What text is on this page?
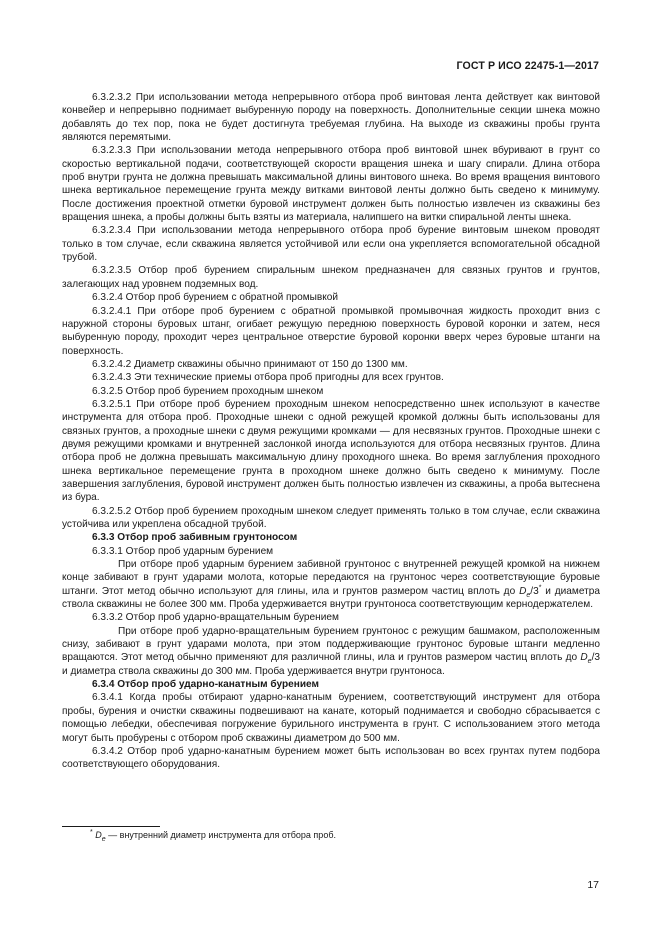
ГОСТ Р ИСО 22475-1—2017

6.3.2.3.2 При использовании метода непрерывного отбора проб винтовая лента действует как винтовой конвейер и непрерывно поднимает выбуренную породу на поверхность. Дополнительные секции шнека можно добавлять до тех пор, пока не будет достигнута требуемая глубина. На выходе из скважины пробы грунта являются перемятыми.

6.3.2.3.3 При использовании метода непрерывного отбора проб винтовой шнек вбуривают в грунт со скоростью вертикальной подачи, соответствующей скорости вращения шнека и шагу спирали. Длина отбора проб внутри грунта не должна превышать максимальной длины винтового шнека. Во время вращения винтового шнека вертикальное перемещение грунта между витками винтовой ленты должно быть сведено к минимуму. После достижения проектной отметки буровой инструмент должен быть полностью извлечен из скважины без вращения шнека, а пробы должны быть взяты из материала, налипшего на витки спиральной ленты шнека.

6.3.2.3.4 При использовании метода непрерывного отбора проб бурение винтовым шнеком проводят только в том случае, если скважина является устойчивой или если она укрепляется вспомогательной обсадной трубой.

6.3.2.3.5 Отбор проб бурением спиральным шнеком предназначен для связных грунтов и грунтов, залегающих над уровнем подземных вод.

6.3.2.4 Отбор проб бурением с обратной промывкой

6.3.2.4.1 При отборе проб бурением с обратной промывкой промывочная жидкость проходит вниз с наружной стороны буровых штанг, огибает режущую переднюю поверхность буровой коронки и затем, неся выбуренную породу, проходит через центральное отверстие буровой коронки вверх через буровые штанги на поверхность.

6.3.2.4.2 Диаметр скважины обычно принимают от 150 до 1300 мм.

6.3.2.4.3 Эти технические приемы отбора проб пригодны для всех грунтов.

6.3.2.5 Отбор проб бурением проходным шнеком

6.3.2.5.1 При отборе проб бурением проходным шнеком непосредственно шнек используют в качестве инструмента для отбора проб. Проходные шнеки с одной режущей кромкой должны быть использованы для связных грунтов, а проходные шнеки с двумя режущими кромками — для несвязных грунтов. Проходные шнеки с двумя режущими кромками и внутренней заслонкой иногда используются для отбора несвязных грунтов. Длина отбора проб не должна превышать максимальную длину проходного шнека. Во время заглубления проходного шнека вертикальное перемещение грунта в проходном шнеке должно быть сведено к минимуму. После завершения заглубления, буровой инструмент должен быть полностью извлечен из скважины, а проба вытеснена из бура.

6.3.2.5.2 Отбор проб бурением проходным шнеком следует применять только в том случае, если скважина устойчива или укреплена обсадной трубой.

6.3.3 Отбор проб забивным грунтоносом

6.3.3.1 Отбор проб ударным бурением

При отборе проб ударным бурением забивной грунтонос с внутренней режущей кромкой на нижнем конце забивают в грунт ударами молота, которые передаются на грунтонос через соответствующие буровые штанги. Этот метод обычно используют для глины, ила и грунтов размером частиц вплоть до $D_e/3^*$ и диаметра ствола скважины не более 300 мм. Проба удерживается внутри грунтоноса соответствующим кернодержателем.

6.3.3.2 Отбор проб ударно-вращательным бурением

При отборе проб ударно-вращательным бурением грунтонос с режущим башмаком, расположенным снизу, забивают в грунт ударами молота, при этом поддерживающие грунтонос буровые штанги медленно вращаются. Этот метод обычно применяют для различной глины, ила и грунтов размером частиц вплоть до $D_e/3$ и диаметра ствола скважины до 300 мм. Проба удерживается внутри грунтоноса.

6.3.4 Отбор проб ударно-канатным бурением

6.3.4.1 Когда пробы отбирают ударно-канатным бурением, соответствующий инструмент для отбора пробы, бурения и очистки скважины подвешивают на канате, который поднимается и свободно сбрасывается с помощью лебедки, обеспечивая погружение бурильного инструмента в грунт. С использованием этого метода могут быть пробурены с отбором проб скважины диаметром до 500 мм.

6.3.4.2 Отбор проб ударно-канатным бурением может быть использован во всех грунтах путем подбора соответствующего оборудования.

* $D_e$ — внутренний диаметр инструмента для отбора проб.
17
